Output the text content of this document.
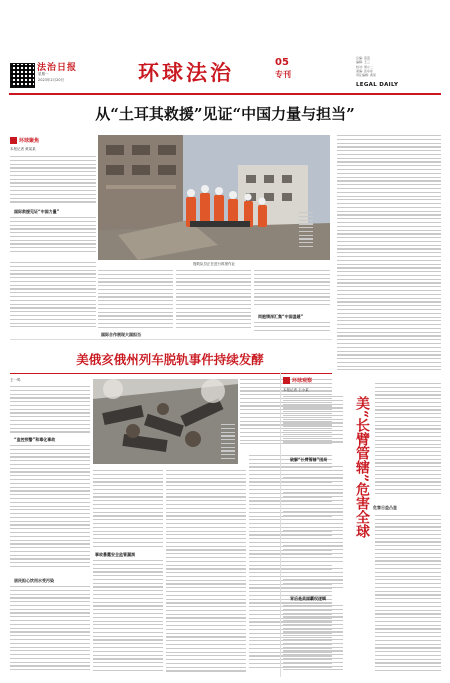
法治日报
星期一
2023年2月20日	环球法治	05
专刊
总编: 苗苗
编辑: 王三
校对: 周小二
美编: 张东东
责任编辑: 黄某
LEGAL DAILY
从“土耳其救援”见证“中国力量与担当”
环球聚焦
本报记者 黄某某
国际救援见证“中国力量”
搜救队员正在进行救援作业
同胞情深汇集“中国温暖”
国际合作展现大国担当
美俄亥俄州列车脱轨事件持续发酵
王一鸣
“监控预警”和毒化事故
居民担心饮用水受污染
事故暴露安全监管漏洞
环球观察
本报记者 王小某
美“长臂管辖”危害全球 危害日益凸显
破解“长臂管辖”困局
背后是美国霸权逻辑
